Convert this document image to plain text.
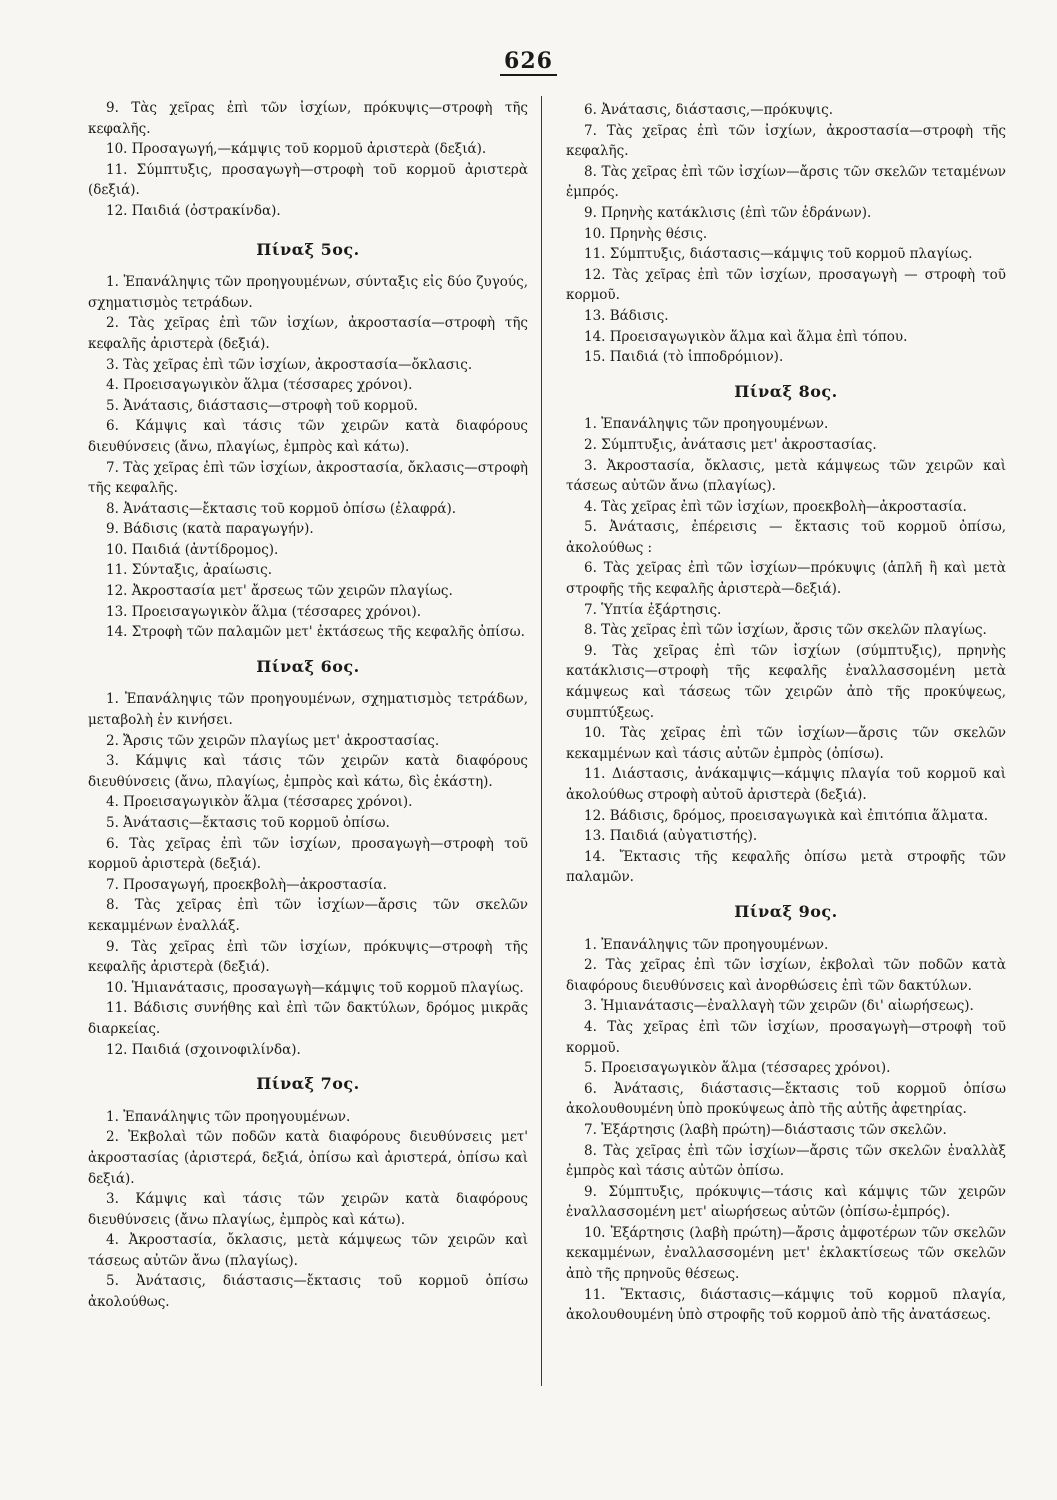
626

9. Τὰς χεῖρας ἐπὶ τῶν ἰσχίων, πρόκυψις—στροφὴ τῆς κεφαλῆς.

10. Προσαγωγή,—κάμψις τοῦ κορμοῦ ἀριστερὰ (δεξιά).

11. Σύμπτυξις, προσαγωγὴ—στροφὴ τοῦ κορμοῦ ἀριστερὰ (δεξιά).

12. Παιδιά (ὀστρακίνδα).

Πίναξ 5ος.

1. Ἐπανάληψις τῶν προηγουμένων, σύνταξις εἰς δύο ζυγούς, σχηματισμὸς τετράδων.

2. Τὰς χεῖρας ἐπὶ τῶν ἰσχίων, ἀκροστασία—στροφὴ τῆς κεφαλῆς ἀριστερὰ (δεξιά).

3. Τὰς χεῖρας ἐπὶ τῶν ἰσχίων, ἀκροστασία—ὄκλασις.

4. Προεισαγωγικὸν ἅλμα (τέσσαρες χρόνοι).

5. Ἀνάτασις, διάστασις—στροφὴ τοῦ κορμοῦ.

6. Κάμψις καὶ τάσις τῶν χειρῶν κατὰ διαφόρους διευθύνσεις (ἄνω, πλαγίως, ἐμπρὸς καὶ κάτω).

7. Τὰς χεῖρας ἐπὶ τῶν ἰσχίων, ἀκροστασία, ὄκλασις—στροφὴ τῆς κεφαλῆς.

8. Ἀνάτασις—ἔκτασις τοῦ κορμοῦ ὀπίσω (ἐλαφρά).

9. Βάδισις (κατὰ παραγωγήν).

10. Παιδιά (ἀντίδρομος).

11. Σύνταξις, ἀραίωσις.

12. Ἀκροστασία μετ' ἄρσεως τῶν χειρῶν πλαγίως.

13. Προεισαγωγικὸν ἅλμα (τέσσαρες χρόνοι).

14. Στροφὴ τῶν παλαμῶν μετ' ἐκτάσεως τῆς κεφαλῆς ὀπίσω.

Πίναξ 6ος.

1. Ἐπανάληψις τῶν προηγουμένων, σχηματισμὸς τετράδων, μεταβολὴ ἐν κινήσει.

2. Ἄρσις τῶν χειρῶν πλαγίως μετ' ἀκροστασίας.

3. Κάμψις καὶ τάσις τῶν χειρῶν κατὰ διαφόρους διευθύνσεις (ἄνω, πλαγίως, ἐμπρὸς καὶ κάτω, δὶς ἑκάστη).

4. Προεισαγωγικὸν ἅλμα (τέσσαρες χρόνοι).

5. Ἀνάτασις—ἔκτασις τοῦ κορμοῦ ὀπίσω.

6. Τὰς χεῖρας ἐπὶ τῶν ἰσχίων, προσαγωγὴ—στροφὴ τοῦ κορμοῦ ἀριστερὰ (δεξιά).

7. Προσαγωγή, προεκβολὴ—ἀκροστασία.

8. Τὰς χεῖρας ἐπὶ τῶν ἰσχίων—ἄρσις τῶν σκελῶν κεκαμμένων ἐναλλάξ.

9. Τὰς χεῖρας ἐπὶ τῶν ἰσχίων, πρόκυψις—στροφὴ τῆς κεφαλῆς ἀριστερὰ (δεξιά).

10. Ἡμιανάτασις, προσαγωγὴ—κάμψις τοῦ κορμοῦ πλαγίως.

11. Βάδισις συνήθης καὶ ἐπὶ τῶν δακτύλων, δρόμος μικρᾶς διαρκείας.

12. Παιδιά (σχοινοφιλίνδα).

Πίναξ 7ος.

1. Ἐπανάληψις τῶν προηγουμένων.

2. Ἐκβολαὶ τῶν ποδῶν κατὰ διαφόρους διευθύνσεις μετ' ἀκροστασίας (ἀριστερά, δεξιά, ὀπίσω καὶ ἀριστερά, ὀπίσω καὶ δεξιά).

3. Κάμψις καὶ τάσις τῶν χειρῶν κατὰ διαφόρους διευθύνσεις (ἄνω πλαγίως, ἐμπρὸς καὶ κάτω).

4. Ἀκροστασία, ὄκλασις, μετὰ κάμψεως τῶν χειρῶν καὶ τάσεως αὐτῶν ἄνω (πλαγίως).

5. Ἀνάτασις, διάστασις—ἔκτασις τοῦ κορμοῦ ὀπίσω ἀκολούθως.

6. Ἀνάτασις, διάστασις,—πρόκυψις.

7. Τὰς χεῖρας ἐπὶ τῶν ἰσχίων, ἀκροστασία—στροφὴ τῆς κεφαλῆς.

8. Τὰς χεῖρας ἐπὶ τῶν ἰσχίων—ἄρσις τῶν σκελῶν τεταμένων ἐμπρός.

9. Πρηνὴς κατάκλισις (ἐπὶ τῶν ἑδράνων).

10. Πρηνὴς θέσις.

11. Σύμπτυξις, διάστασις—κάμψις τοῦ κορμοῦ πλαγίως.

12. Τὰς χεῖρας ἐπὶ τῶν ἰσχίων, προσαγωγὴ — στροφὴ τοῦ κορμοῦ.

13. Βάδισις.

14. Προεισαγωγικὸν ἅλμα καὶ ἅλμα ἐπὶ τόπου.

15. Παιδιά (τὸ ἱπποδρόμιον).

Πίναξ 8ος.

1. Ἐπανάληψις τῶν προηγουμένων.

2. Σύμπτυξις, ἀνάτασις μετ' ἀκροστασίας.

3. Ἀκροστασία, ὄκλασις, μετὰ κάμψεως τῶν χειρῶν καὶ τάσεως αὐτῶν ἄνω (πλαγίως).

4. Τὰς χεῖρας ἐπὶ τῶν ἰσχίων, προεκβολὴ—ἀκροστασία.

5. Ἀνάτασις, ἐπέρεισις — ἔκτασις τοῦ κορμοῦ ὀπίσω, ἀκολούθως :

6. Τὰς χεῖρας ἐπὶ τῶν ἰσχίων—πρόκυψις (ἁπλῆ ἢ καὶ μετὰ στροφῆς τῆς κεφαλῆς ἀριστερὰ—δεξιά).

7. Ὑπτία ἐξάρτησις.

8. Τὰς χεῖρας ἐπὶ τῶν ἰσχίων, ἄρσις τῶν σκελῶν πλαγίως.

9. Τὰς χεῖρας ἐπὶ τῶν ἰσχίων (σύμπτυξις), πρηνὴς κατάκλισις—στροφὴ τῆς κεφαλῆς ἐναλλασσομένη μετὰ κάμψεως καὶ τάσεως τῶν χειρῶν ἀπὸ τῆς προκύψεως, συμπτύξεως.

10. Τὰς χεῖρας ἐπὶ τῶν ἰσχίων—ἄρσις τῶν σκελῶν κεκαμμένων καὶ τάσις αὐτῶν ἐμπρὸς (ὀπίσω).

11. Διάστασις, ἀνάκαμψις—κάμψις πλαγία τοῦ κορμοῦ καὶ ἀκολούθως στροφὴ αὐτοῦ ἀριστερὰ (δεξιά).

12. Βάδισις, δρόμος, προεισαγωγικὰ καὶ ἐπιτόπια ἅλματα.

13. Παιδιά (αὐγατιστής).

14. Ἔκτασις τῆς κεφαλῆς ὀπίσω μετὰ στροφῆς τῶν παλαμῶν.

Πίναξ 9ος.

1. Ἐπανάληψις τῶν προηγουμένων.

2. Τὰς χεῖρας ἐπὶ τῶν ἰσχίων, ἐκβολαὶ τῶν ποδῶν κατὰ διαφόρους διευθύνσεις καὶ ἀνορθώσεις ἐπὶ τῶν δακτύλων.

3. Ἡμιανάτασις—ἐναλλαγὴ τῶν χειρῶν (δι' αἰωρήσεως).

4. Τὰς χεῖρας ἐπὶ τῶν ἰσχίων, προσαγωγὴ—στροφὴ τοῦ κορμοῦ.

5. Προεισαγωγικὸν ἅλμα (τέσσαρες χρόνοι).

6. Ἀνάτασις, διάστασις—ἔκτασις τοῦ κορμοῦ ὀπίσω ἀκολουθουμένη ὑπὸ προκύψεως ἀπὸ τῆς αὐτῆς ἀφετηρίας.

7. Ἐξάρτησις (λαβὴ πρώτη)—διάστασις τῶν σκελῶν.

8. Τὰς χεῖρας ἐπὶ τῶν ἰσχίων—ἄρσις τῶν σκελῶν ἐναλλὰξ ἐμπρὸς καὶ τάσις αὐτῶν ὀπίσω.

9. Σύμπτυξις, πρόκυψις—τάσις καὶ κάμψις τῶν χειρῶν ἐναλλασσομένη μετ' αἰωρήσεως αὐτῶν (ὀπίσω-ἐμπρός).

10. Ἐξάρτησις (λαβὴ πρώτη)—ἄρσις ἀμφοτέρων τῶν σκελῶν κεκαμμένων, ἐναλλασσομένη μετ' ἐκλακτίσεως τῶν σκελῶν ἀπὸ τῆς πρηνοῦς θέσεως.

11. Ἔκτασις, διάστασις—κάμψις τοῦ κορμοῦ πλαγία, ἀκολουθουμένη ὑπὸ στροφῆς τοῦ κορμοῦ ἀπὸ τῆς ἀνατάσεως.
